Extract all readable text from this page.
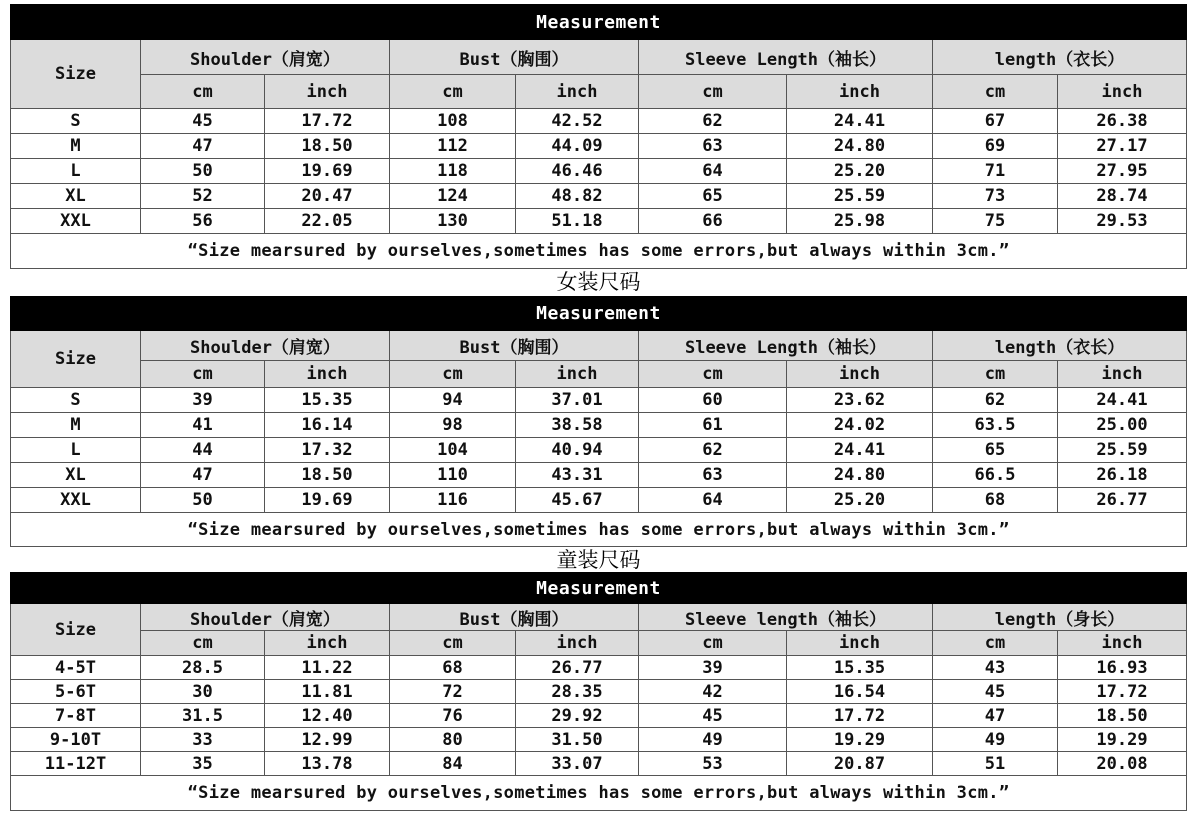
Measurement								
Size	Shoulder（肩宽）		Bust（胸围）		Sleeve Length（袖长）		length（衣长）	
	cm	inch	cm	inch	cm	inch	cm	inch
S	45	17.72	108	42.52	62	24.41	67	26.38
M	47	18.50	112	44.09	63	24.80	69	27.17
L	50	19.69	118	46.46	64	25.20	71	27.95
XL	52	20.47	124	48.82	65	25.59	73	28.74
XXL	56	22.05	130	51.18	66	25.98	75	29.53
“Size mearsured by ourselves,sometimes has some errors,but always within 3cm.”								
女装尺码
Measurement								
Size	Shoulder（肩宽）		Bust（胸围）		Sleeve Length（袖长）		length（衣长）	
	cm	inch	cm	inch	cm	inch	cm	inch
S	39	15.35	94	37.01	60	23.62	62	24.41
M	41	16.14	98	38.58	61	24.02	63.5	25.00
L	44	17.32	104	40.94	62	24.41	65	25.59
XL	47	18.50	110	43.31	63	24.80	66.5	26.18
XXL	50	19.69	116	45.67	64	25.20	68	26.77
“Size mearsured by ourselves,sometimes has some errors,but always within 3cm.”								
童装尺码
Measurement								
Size	Shoulder（肩宽）		Bust（胸围）		Sleeve length（袖长）		length（身长）	
	cm	inch	cm	inch	cm	inch	cm	inch
4-5T	28.5	11.22	68	26.77	39	15.35	43	16.93
5-6T	30	11.81	72	28.35	42	16.54	45	17.72
7-8T	31.5	12.40	76	29.92	45	17.72	47	18.50
9-10T	33	12.99	80	31.50	49	19.29	49	19.29
11-12T	35	13.78	84	33.07	53	20.87	51	20.08
“Size mearsured by ourselves,sometimes has some errors,but always within 3cm.”								
